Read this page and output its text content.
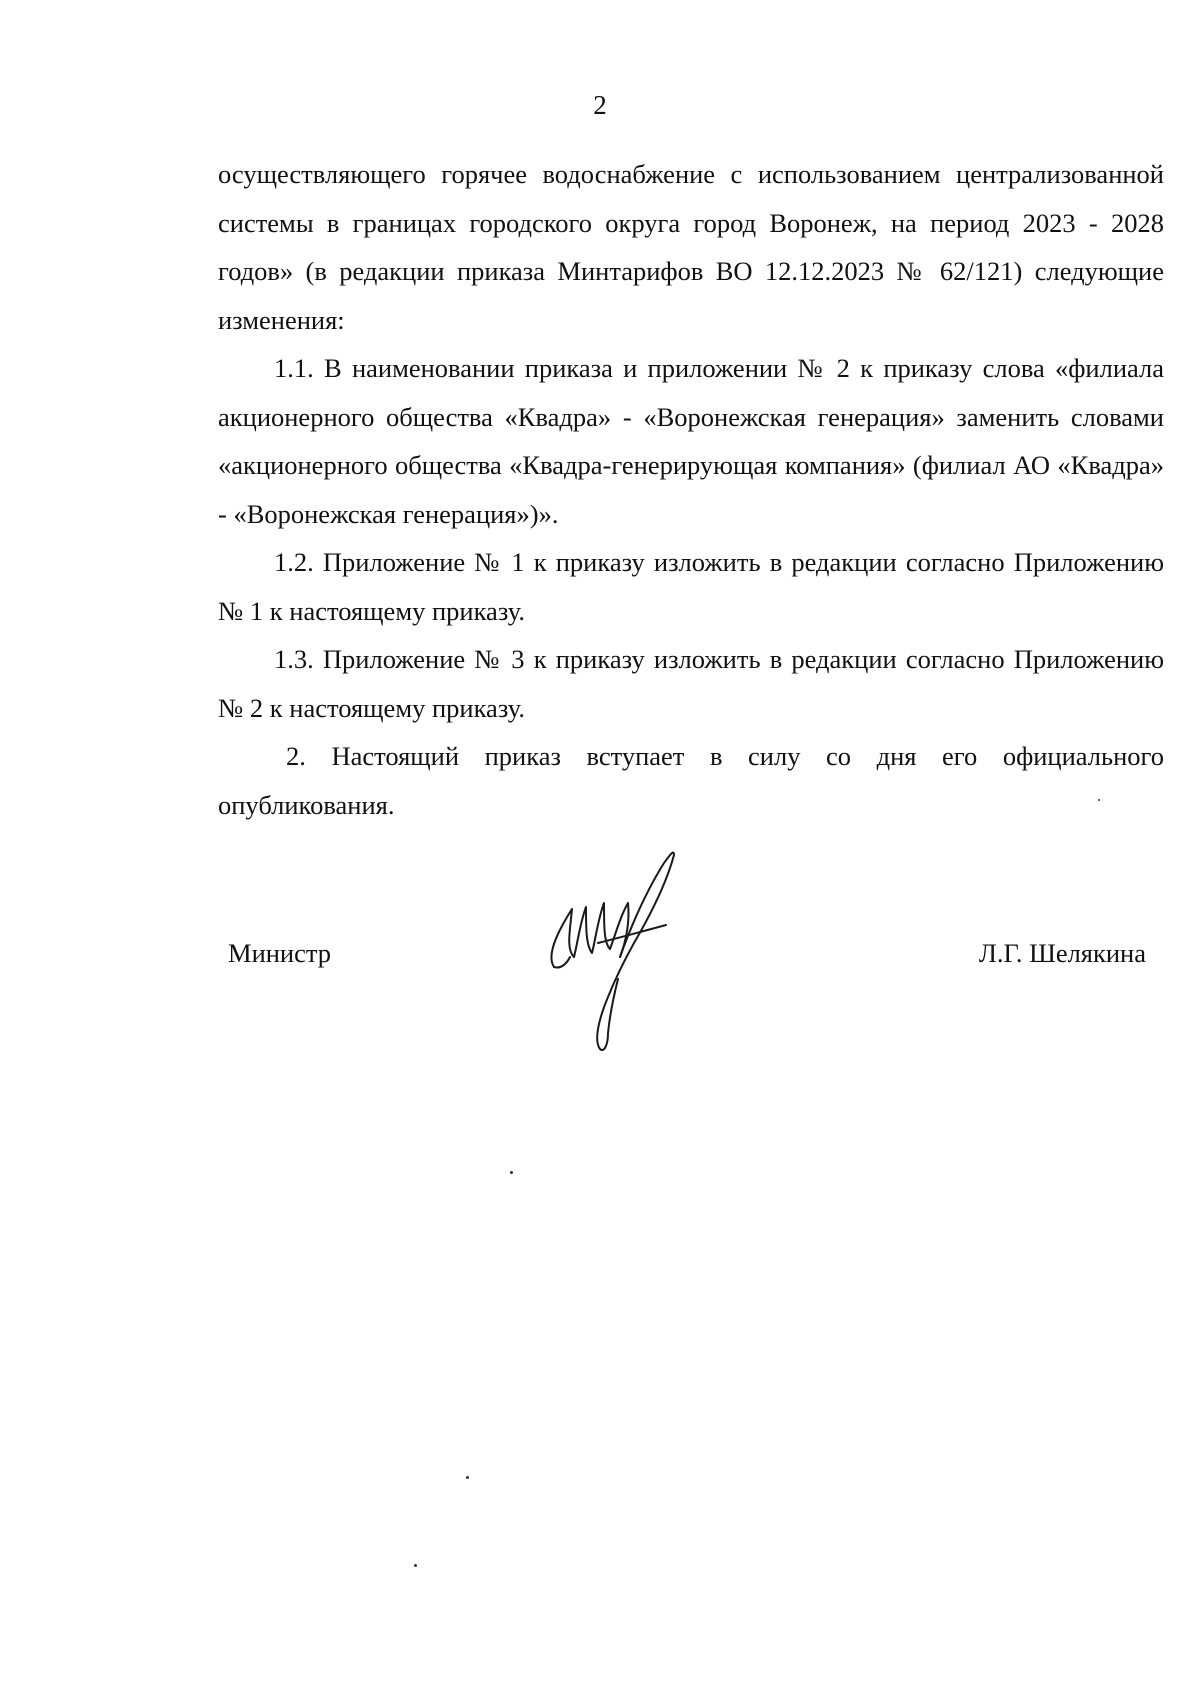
2

осуществляющего горячее водоснабжение с использованием централизованной системы в границах городского округа город Воронеж, на период 2023 - 2028 годов» (в редакции приказа Минтарифов ВО 12.12.2023 № 62/121) следующие изменения:

1.1. В наименовании приказа и приложении № 2 к приказу слова «филиала акционерного общества «Квадра» - «Воронежская генерация» заменить словами «акционерного общества «Квадра-генерирующая компания» (филиал АО «Квадра» - «Воронежская генерация»)».

1.2. Приложение № 1 к приказу изложить в редакции согласно Приложению № 1 к настоящему приказу.

1.3. Приложение № 3 к приказу изложить в редакции согласно Приложению № 2 к настоящему приказу.

2. Настоящий приказ вступает в силу со дня его официального опубликования.

Министр	Л.Г. Шелякина
